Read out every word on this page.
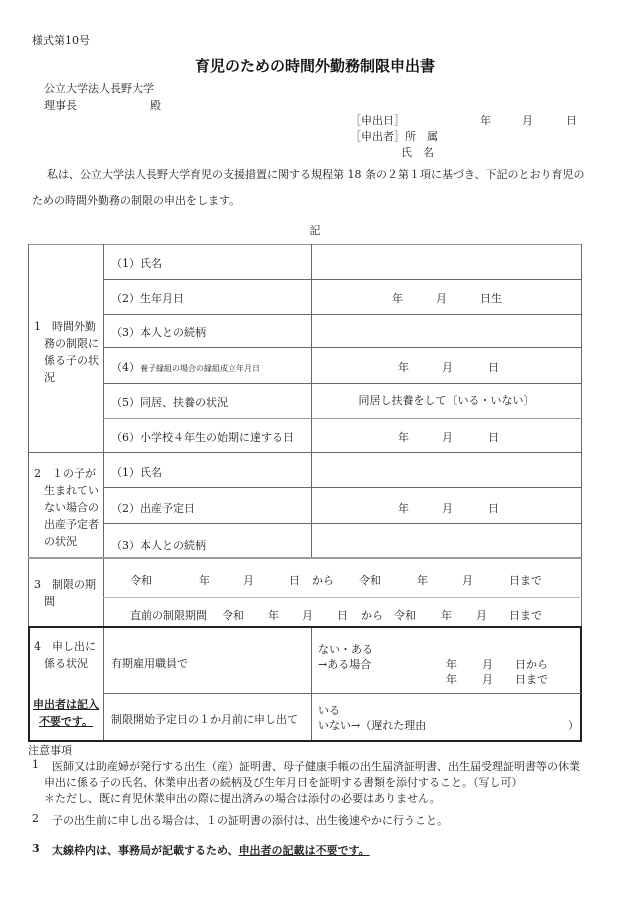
様式第10号
育児のための時間外勤務制限申出書
公立大学法人長野大学
理事長	殿
［申出日］	年	月	日
［申出者］所　属
氏　名
私は、公立大学法人長野大学育児の支援措置に関する規程第 18 条の２第１項に基づき、下記のとおり育児の
ための時間外勤務の制限の申出をします。
記
1　時間外勤
務の制限に
係る子の状
況
（1）氏名
（2）生年月日	年	月	日生
（3）本人との続柄
（4）養子縁組の場合の縁組成立年月日	年	月	日
（5）同居、扶養の状況	同居し扶養をして〔いる・いない〕
（6）小学校４年生の始期に達する日	年	月	日
2　１の子が
生まれてい
ない場合の
出産予定者
の状況
（1）氏名
（2）出産予定日	年	月	日
（3）本人との続柄
3　制限の期
間
令和	年	月	日 から 令和	年	月	日まで
直前の制限期間 令和 年 月 日 から 令和 年 月 日まで
4　申し出に
係る状況
申出者は記入
不要です。
有期雇用職員で
ない・ある
→ある場合	年 月 日から
年 月 日まで
制限開始予定日の１か月前に申し出て
いる
いない→（遅れた理由	）
注意事項
1 医師又は助産婦が発行する出生（産）証明書、母子健康手帳の出生届済証明書、出生届受理証明書等の休業
申出に係る子の氏名、休業申出者の続柄及び生年月日を証明する書類を添付すること。（写し可）
＊ただし、既に育児休業申出の際に提出済みの場合は添付の必要はありません。
2 子の出生前に申し出る場合は、１の証明書の添付は、出生後速やかに行うこと。
3 太線枠内は、事務局が記載するため、申出者の記載は不要です。
